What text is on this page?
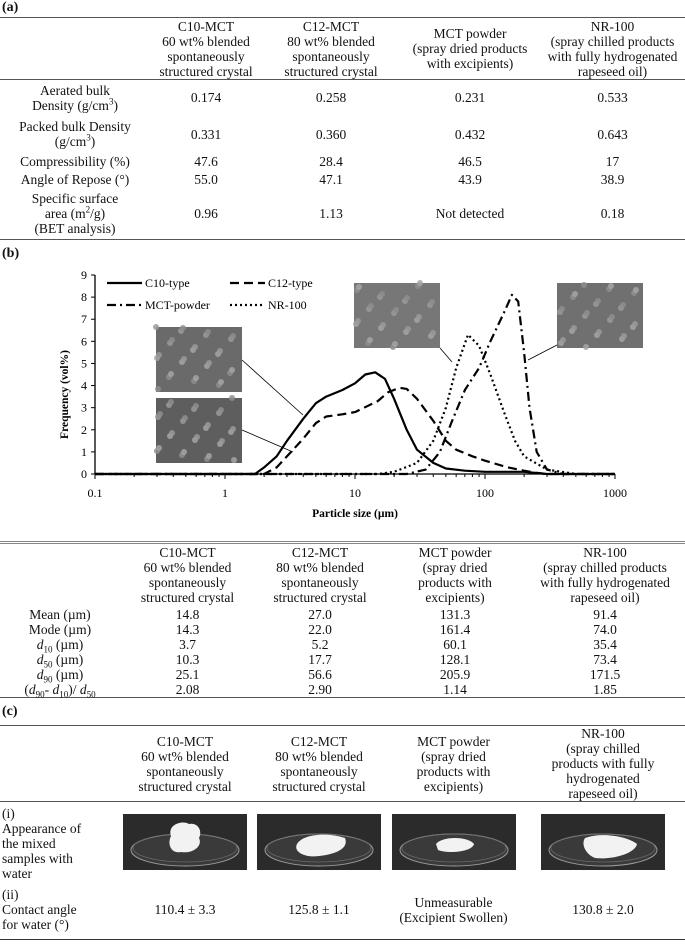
(a)
	C10-MCT
60 wt% blended
spontaneously
structured crystal	C12-MCT
80 wt% blended
spontaneously
structured crystal	MCT powder
(spray dried products
with excipients)	NR-100
(spray chilled products
with fully hydrogenated
rapeseed oil)
Aerated bulk
Density $(g/cm^3)$	0.174	0.258	0.231	0.533
Packed bulk Density
$(g/cm^3)$	0.331	0.360	0.432	0.643
Compressibility (%)	47.6	28.4	46.5	17
Angle of Repose (°)	55.0	47.1	43.9	38.9
Specific surface
area $(m^2/g)$
(BET analysis)	0.96	1.13	Not detected	0.18
(b)
0
1
2
3
4
5
6
7
8
9
0.1	1	10	100	1000
Particle size (µm)
Frequency (vol%)
C10-type	C12-type
MCT-powder	NR-100
	C10-MCT
60 wt% blended
spontaneously
structured crystal	C12-MCT
80 wt% blended
spontaneously
structured crystal	MCT powder
(spray dried
products with
excipients)	NR-100
(spray chilled products
with fully hydrogenated
rapeseed oil)
Mean (µm)	14.8	27.0	131.3	91.4
Mode (µm)	14.3	22.0	161.4	74.0
$d_{10}$ (µm)	3.7	5.2	60.1	35.4
$d_{50}$ (µm)	10.3	17.7	128.1	73.4
$d_{90}$ (µm)	25.1	56.6	205.9	171.5
($d_{90}-$ $d_{10})/$ $d_{50}$	2.08	2.90	1.14	1.85
(c)
	C10-MCT
60 wt% blended
spontaneously
structured crystal	C12-MCT
80 wt% blended
spontaneously
structured crystal	MCT powder
(spray dried
products with
excipients)	NR-100
(spray chilled
products with fully
hydrogenated
rapeseed oil)
(i)
Appearance of
the mixed
samples with
water	

(ii)
Contact angle
for water (°)	110.4 ± 3.3	125.8 ± 1.1	Unmeasurable
(Excipient Swollen)	130.8 ± 2.0
